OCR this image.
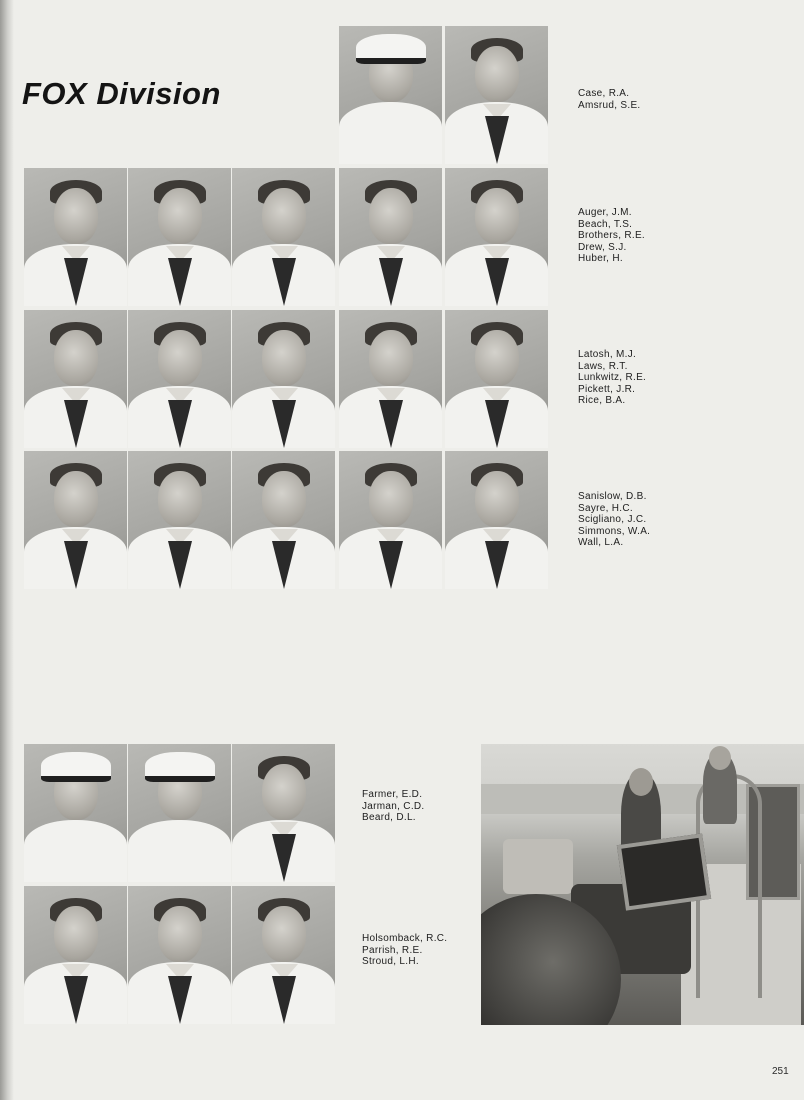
FOX Division	Case, R.A.
Amsrud, S.E.
Auger, J.M.
Beach, T.S.
Brothers, R.E.
Drew, S.J.
Huber, H.
Latosh, M.J.
Laws, R.T.
Lunkwitz, R.E.
Pickett, J.R.
Rice, B.A.
Sanislow, D.B.
Sayre, H.C.
Scigliano, J.C.
Simmons, W.A.
Wall, L.A.
Farmer, E.D.
Jarman, C.D.
Beard, D.L.
Holsomback, R.C.
Parrish, R.E.
Stroud, L.H.
251
